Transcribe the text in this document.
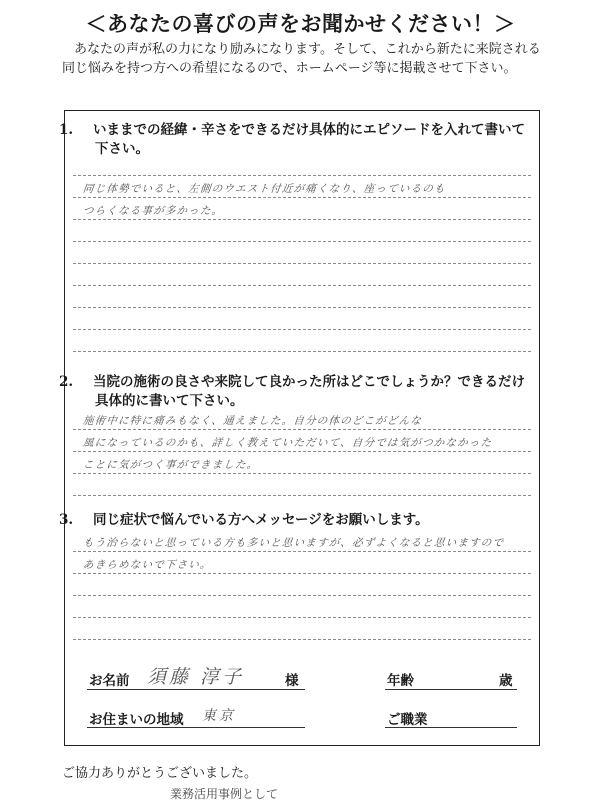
＜あなたの喜びの声をお聞かせください！＞
あなたの声が私の力になり励みになります。そして、これから新たに来院される同じ悩みを持つ方への希望になるので、ホームページ等に掲載させて下さい。
1. いままでの経緯・辛さをできるだけ具体的にエピソードを入れて書いて下さい。
同じ体勢でいると、左側のウエスト付近が痛くなり、座っているのも
つらくなる事が多かった。
2. 当院の施術の良さや来院して良かった所はどこでしょうか？できるだけ具体的に書いて下さい。
施術中に特に痛みもなく、通えました。自分の体のどこがどんな
風になっているのかも、詳しく教えていただいて、自分では気がつかなかった
ことに気がつく事ができました。
3. 同じ症状で悩んでいる方へメッセージをお願いします。
もう治らないと思っている方も多いと思いますが、必ずよくなると思いますので
あきらめないで下さい。
お名前 須藤 淳子	様	年齢	歳
お住まいの地域 東京	ご職業
ご協力ありがとうございました。
業務活用事例として
